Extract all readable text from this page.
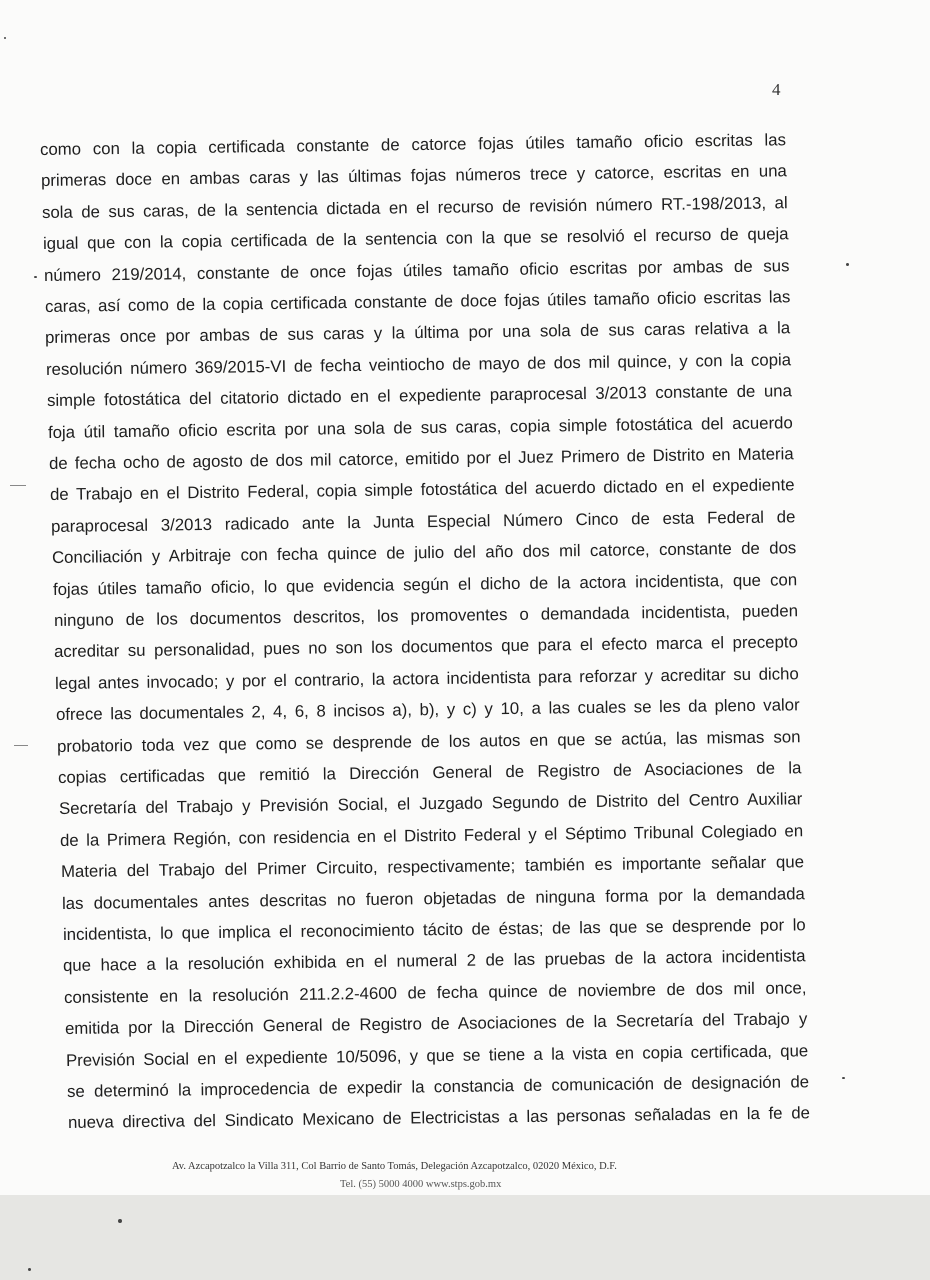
4
como con la copia certificada constante de catorce fojas útiles tamaño oficio escritas las
primeras doce en ambas caras y las últimas fojas números trece y catorce, escritas en una
sola de sus caras, de la sentencia dictada en el recurso de revisión número RT.-198/2013, al
igual que con la copia certificada de la sentencia con la que se resolvió el recurso de queja
número 219/2014, constante de once fojas útiles tamaño oficio escritas por ambas de sus
caras, así como de la copia certificada constante de doce fojas útiles tamaño oficio escritas las
primeras once por ambas de sus caras y la última por una sola de sus caras relativa a la
resolución número 369/2015-VI de fecha veintiocho de mayo de dos mil quince, y con la copia
simple fotostática del citatorio dictado en el expediente paraprocesal 3/2013 constante de una
foja útil tamaño oficio escrita por una sola de sus caras, copia simple fotostática del acuerdo
de fecha ocho de agosto de dos mil catorce, emitido por el Juez Primero de Distrito en Materia
de Trabajo en el Distrito Federal, copia simple fotostática del acuerdo dictado en el expediente
paraprocesal 3/2013 radicado ante la Junta Especial Número Cinco de esta Federal de
Conciliación y Arbitraje con fecha quince de julio del año dos mil catorce, constante de dos
fojas útiles tamaño oficio, lo que evidencia según el dicho de la actora incidentista, que con
ninguno de los documentos descritos, los promoventes o demandada incidentista, pueden
acreditar su personalidad, pues no son los documentos que para el efecto marca el precepto
legal antes invocado; y por el contrario, la actora incidentista para reforzar y acreditar su dicho
ofrece las documentales 2, 4, 6, 8 incisos a), b), y c) y 10, a las cuales se les da pleno valor
probatorio toda vez que como se desprende de los autos en que se actúa, las mismas son
copias certificadas que remitió la Dirección General de Registro de Asociaciones de la
Secretaría del Trabajo y Previsión Social, el Juzgado Segundo de Distrito del Centro Auxiliar
de la Primera Región, con residencia en el Distrito Federal y el Séptimo Tribunal Colegiado en
Materia del Trabajo del Primer Circuito, respectivamente; también es importante señalar que
las documentales antes descritas no fueron objetadas de ninguna forma por la demandada
incidentista, lo que implica el reconocimiento tácito de éstas; de las que se desprende por lo
que hace a la resolución exhibida en el numeral 2 de las pruebas de la actora incidentista
consistente en la resolución 211.2.2-4600 de fecha quince de noviembre de dos mil once,
emitida por la Dirección General de Registro de Asociaciones de la Secretaría del Trabajo y
Previsión Social en el expediente 10/5096, y que se tiene a la vista en copia certificada, que
se determinó la improcedencia de expedir la constancia de comunicación de designación de
nueva directiva del Sindicato Mexicano de Electricistas a las personas señaladas en la fe de
Av. Azcapotzalco la Villa 311, Col Barrio de Santo Tomás, Delegación Azcapotzalco, 02020 México, D.F.
Tel. (55) 5000 4000 www.stps.gob.mx
